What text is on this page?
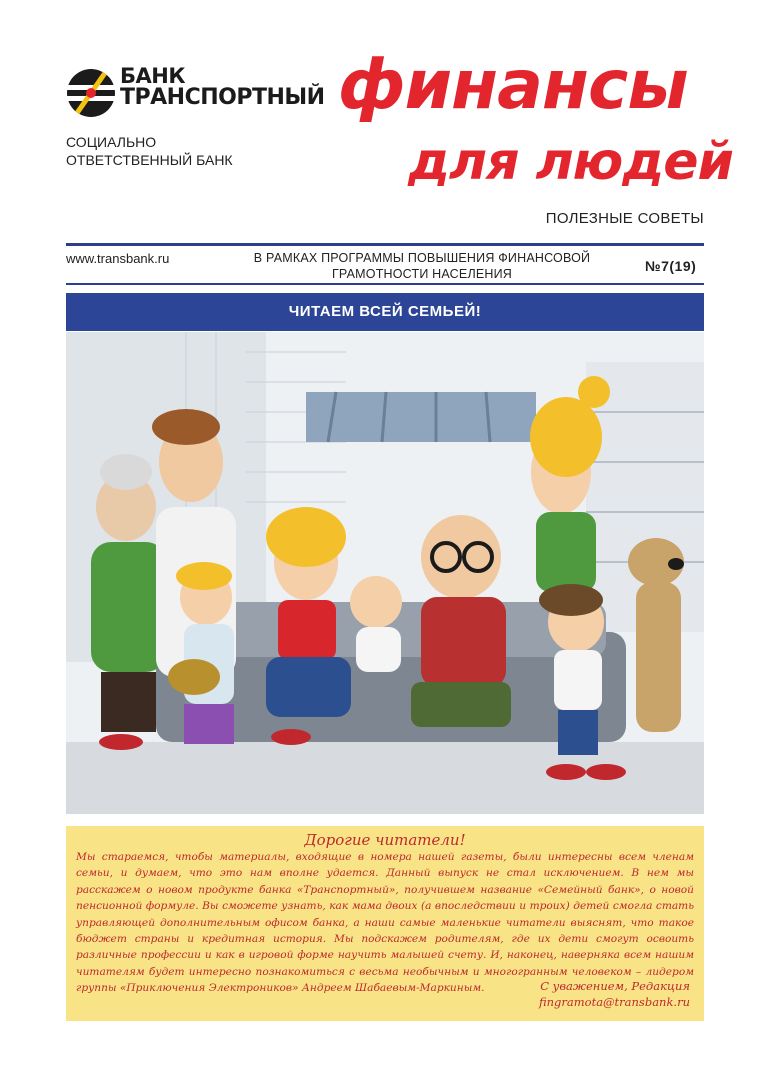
БАНК
ТРАНСПОРТНЫЙ
СОЦИАЛЬНО
ОТВЕТСТВЕННЫЙ БАНК
финансы
для людей
ПОЛЕЗНЫЕ СОВЕТЫ
www.transbank.ru	В РАМКАХ ПРОГРАММЫ ПОВЫШЕНИЯ ФИНАНСОВОЙ ГРАМОТНОСТИ НАСЕЛЕНИЯ	№7(19)
ЧИТАЕМ ВСЕЙ СЕМЬЕЙ!
Дорогие читатели!
Мы стараемся, чтобы материалы, входящие в номера нашей газеты, были интересны всем членам семьи, и думаем, что это нам вполне удается. Данный выпуск не стал исключением. В нем мы расскажем о новом продукте банка «Транспортный», получившем название «Семейный банк», о новой пенсионной формуле. Вы сможете узнать, как мама двоих (а впоследствии и троих) детей смогла стать управляющей дополнительным офисом банка, а наши самые маленькие читатели выяснят, что такое бюджет страны и кредитная история. Мы подскажем родителям, где их дети смогут освоить различные профессии и как в игровой форме научить малышей счету. И, наконец, наверняка всем нашим читателям будет интересно познакомиться с весьма необычным и многогранным человеком – лидером группы «Приключения Электроников» Андреем Шабаевым-Маркиным.	С уважением, Редакция
fingramota@transbank.ru
